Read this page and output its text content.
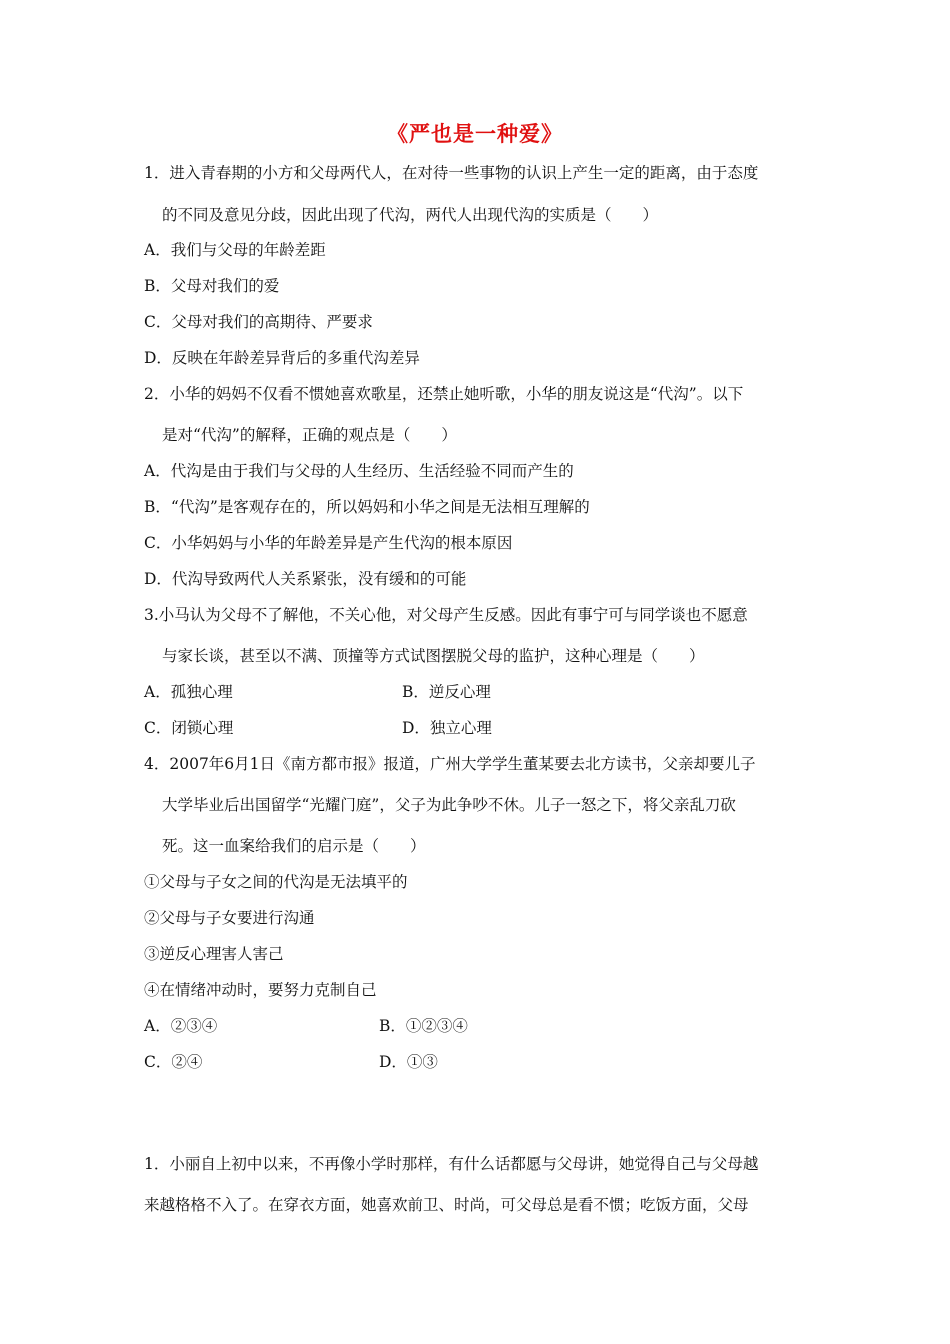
《严也是一种爱》
1．进入青春期的小方和父母两代人，在对待一些事物的认识上产生一定的距离，由于态度
的不同及意见分歧，因此出现了代沟，两代人出现代沟的实质是（　　）
A．我们与父母的年龄差距
B．父母对我们的爱
C．父母对我们的高期待、严要求
D．反映在年龄差异背后的多重代沟差异
2．小华的妈妈不仅看不惯她喜欢歌星，还禁止她听歌，小华的朋友说这是“代沟”。以下
是对“代沟”的解释，正确的观点是（　　）
A．代沟是由于我们与父母的人生经历、生活经验不同而产生的
B．“代沟”是客观存在的，所以妈妈和小华之间是无法相互理解的
C．小华妈妈与小华的年龄差异是产生代沟的根本原因
D．代沟导致两代人关系紧张，没有缓和的可能
3.小马认为父母不了解他，不关心他，对父母产生反感。因此有事宁可与同学谈也不愿意
与家长谈，甚至以不满、顶撞等方式试图摆脱父母的监护，这种心理是（　　）
A．孤独心理	B．逆反心理
C．闭锁心理	D．独立心理
4．2007年6月1日《南方都市报》报道，广州大学学生董某要去北方读书，父亲却要儿子
大学毕业后出国留学“光耀门庭”，父子为此争吵不休。儿子一怒之下，将父亲乱刀砍
死。这一血案给我们的启示是（　　）
①父母与子女之间的代沟是无法填平的
②父母与子女要进行沟通
③逆反心理害人害己
④在情绪冲动时，要努力克制自己
A．②③④	B．①②③④
C．②④	D．①③
1．小丽自上初中以来，不再像小学时那样，有什么话都愿与父母讲，她觉得自己与父母越
来越格格不入了。在穿衣方面，她喜欢前卫、时尚，可父母总是看不惯；吃饭方面，父母
